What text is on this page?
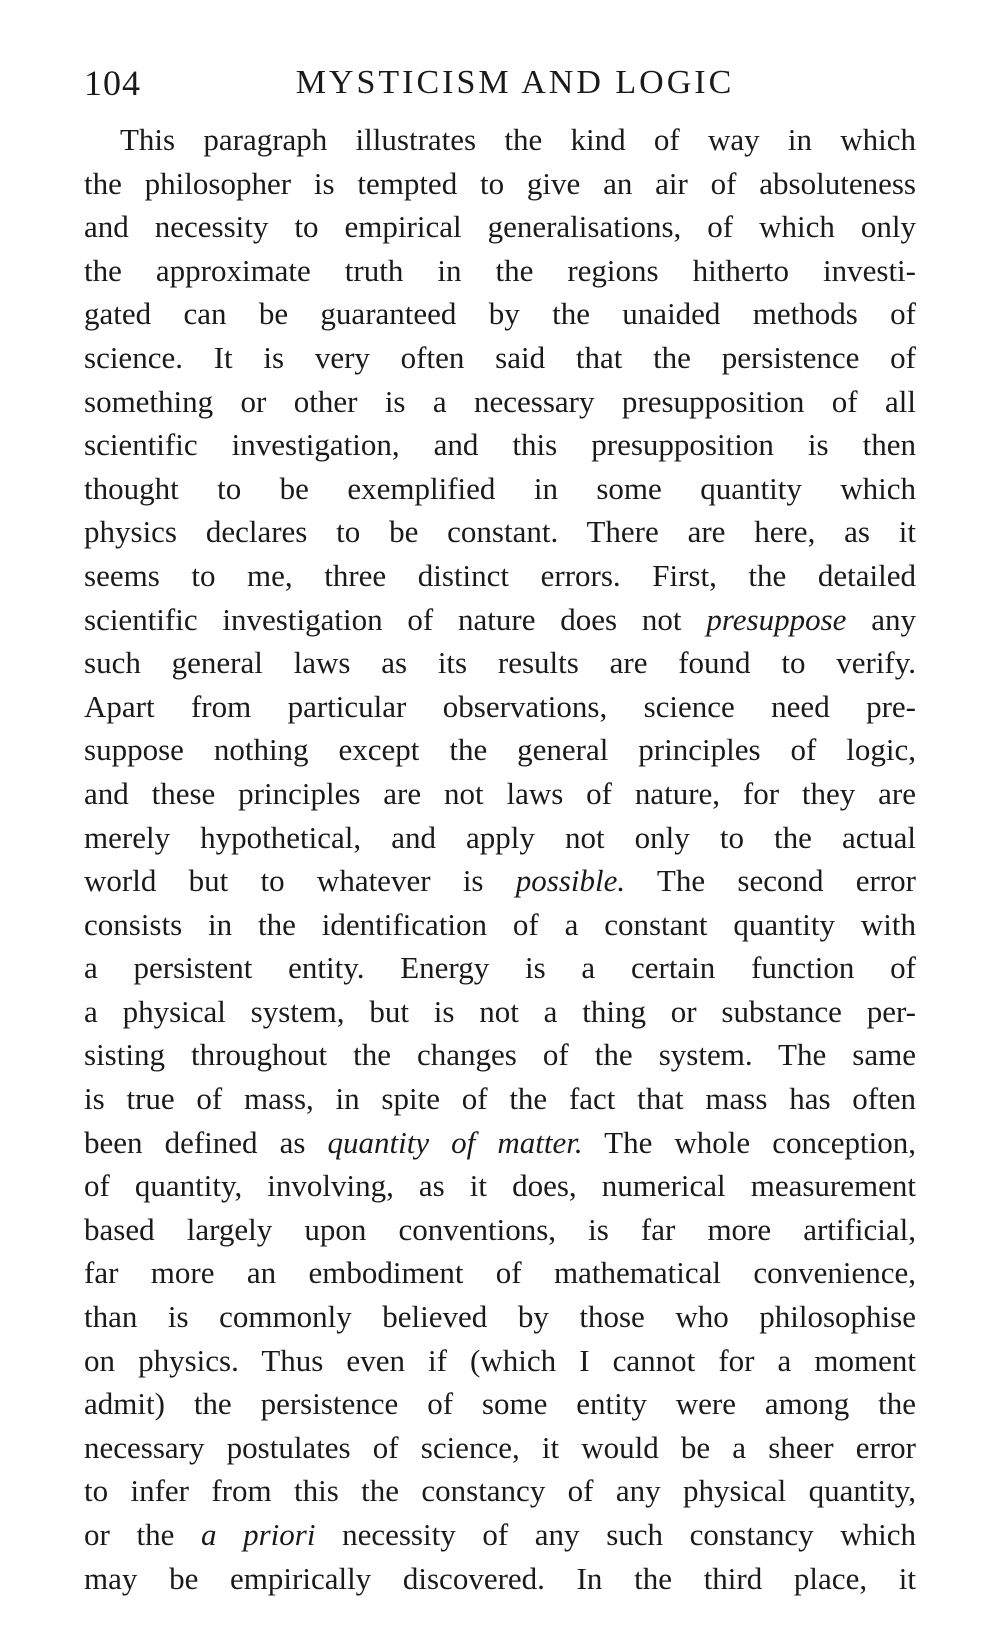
104	MYSTICISM AND LOGIC
This paragraph illustrates the kind of way in which
the philosopher is tempted to give an air of absoluteness
and necessity to empirical generalisations, of which only
the approximate truth in the regions hitherto investi-
gated can be guaranteed by the unaided methods of
science. It is very often said that the persistence of
something or other is a necessary presupposition of all
scientific investigation, and this presupposition is then
thought to be exemplified in some quantity which
physics declares to be constant. There are here, as it
seems to me, three distinct errors. First, the detailed
scientific investigation of nature does not presuppose any
such general laws as its results are found to verify.
Apart from particular observations, science need pre-
suppose nothing except the general principles of logic,
and these principles are not laws of nature, for they are
merely hypothetical, and apply not only to the actual
world but to whatever is possible. The second error
consists in the identification of a constant quantity with
a persistent entity. Energy is a certain function of
a physical system, but is not a thing or substance per-
sisting throughout the changes of the system. The same
is true of mass, in spite of the fact that mass has often
been defined as quantity of matter. The whole conception,
of quantity, involving, as it does, numerical measurement
based largely upon conventions, is far more artificial,
far more an embodiment of mathematical convenience,
than is commonly believed by those who philosophise
on physics. Thus even if (which I cannot for a moment
admit) the persistence of some entity were among the
necessary postulates of science, it would be a sheer error
to infer from this the constancy of any physical quantity,
or the a priori necessity of any such constancy which
may be empirically discovered. In the third place, it
